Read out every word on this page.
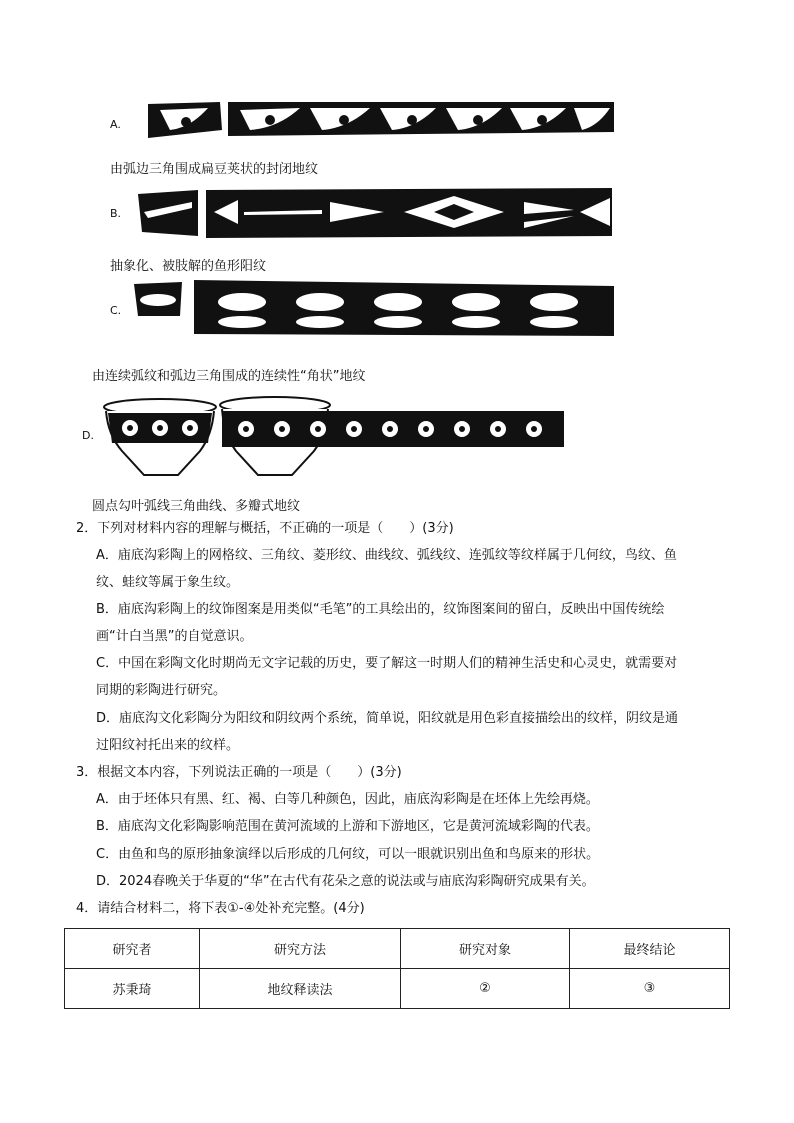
A.
由弧边三角围成扁豆荚状的封闭地纹
B.
抽象化、被肢解的鱼形阳纹
C.
由连续弧纹和弧边三角围成的连续性“角状”地纹
D.
圆点勾叶弧线三角曲线、多瓣式地纹
2．下列对材料内容的理解与概括，不正确的一项是（　　）(3分)
A．庙底沟彩陶上的网格纹、三角纹、菱形纹、曲线纹、弧线纹、连弧纹等纹样属于几何纹，鸟纹、鱼
纹、蛙纹等属于象生纹。
B．庙底沟彩陶上的纹饰图案是用类似“毛笔”的工具绘出的，纹饰图案间的留白，反映出中国传统绘
画“计白当黑”的自觉意识。
C．中国在彩陶文化时期尚无文字记载的历史，要了解这一时期人们的精神生活史和心灵史，就需要对
同期的彩陶进行研究。
D．庙底沟文化彩陶分为阳纹和阴纹两个系统，简单说，阳纹就是用色彩直接描绘出的纹样，阴纹是通
过阳纹衬托出来的纹样。
3．根据文本内容，下列说法正确的一项是（　　）(3分)
A．由于坯体只有黑、红、褐、白等几种颜色，因此，庙底沟彩陶是在坯体上先绘再烧。
B．庙底沟文化彩陶影响范围在黄河流域的上游和下游地区，它是黄河流域彩陶的代表。
C．由鱼和鸟的原形抽象演绎以后形成的几何纹，可以一眼就识别出鱼和鸟原来的形状。
D．2024春晚关于华夏的“华”在古代有花朵之意的说法或与庙底沟彩陶研究成果有关。
4．请结合材料二，将下表①-④处补充完整。(4分)
研究者	研究方法	研究对象	最终结论
苏秉琦	地纹释读法	②	③
